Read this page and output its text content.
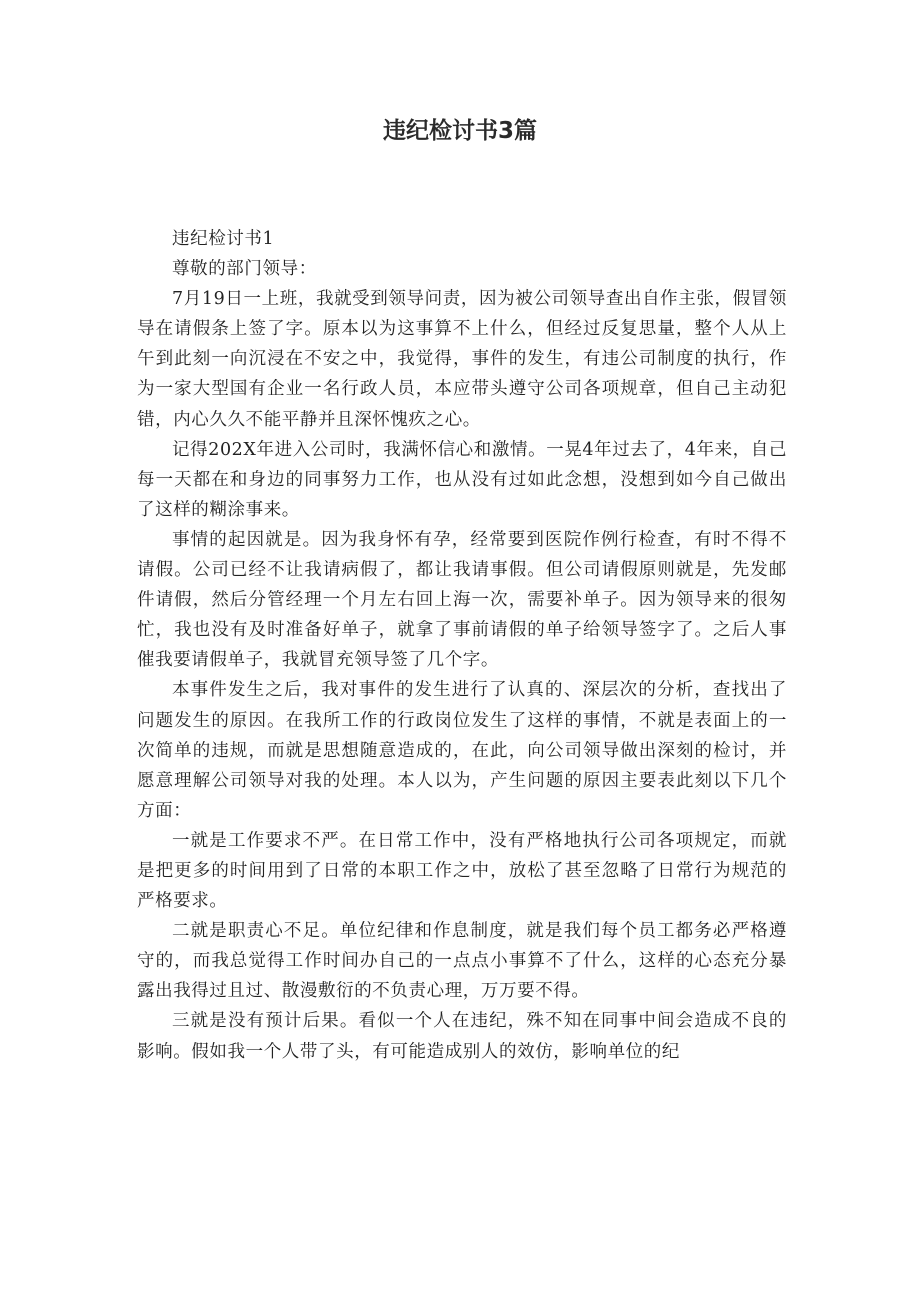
违纪检讨书3篇

违纪检讨书1

尊敬的部门领导：

7月19日一上班，我就受到领导问责，因为被公司领导查出自作主张，假冒领导在请假条上签了字。原本以为这事算不上什么，但经过反复思量，整个人从上午到此刻一向沉浸在不安之中，我觉得，事件的发生，有违公司制度的执行，作为一家大型国有企业一名行政人员，本应带头遵守公司各项规章，但自己主动犯错，内心久久不能平静并且深怀愧疚之心。

记得202X年进入公司时，我满怀信心和激情。一晃4年过去了，4年来，自己每一天都在和身边的同事努力工作，也从没有过如此念想，没想到如今自己做出了这样的糊涂事来。

事情的起因就是。因为我身怀有孕，经常要到医院作例行检查，有时不得不请假。公司已经不让我请病假了，都让我请事假。但公司请假原则就是，先发邮件请假，然后分管经理一个月左右回上海一次，需要补单子。因为领导来的很匆忙，我也没有及时准备好单子，就拿了事前请假的单子给领导签字了。之后人事催我要请假单子，我就冒充领导签了几个字。

本事件发生之后，我对事件的发生进行了认真的、深层次的分析，查找出了问题发生的原因。在我所工作的行政岗位发生了这样的事情，不就是表面上的一次简单的违规，而就是思想随意造成的，在此，向公司领导做出深刻的检讨，并愿意理解公司领导对我的处理。本人以为，产生问题的原因主要表此刻以下几个方面：

一就是工作要求不严。在日常工作中，没有严格地执行公司各项规定，而就是把更多的时间用到了日常的本职工作之中，放松了甚至忽略了日常行为规范的严格要求。

二就是职责心不足。单位纪律和作息制度，就是我们每个员工都务必严格遵守的，而我总觉得工作时间办自己的一点点小事算不了什么，这样的心态充分暴露出我得过且过、散漫敷衍的不负责心理，万万要不得。

三就是没有预计后果。看似一个人在违纪，殊不知在同事中间会造成不良的影响。假如我一个人带了头，有可能造成别人的效仿，影响单位的纪
